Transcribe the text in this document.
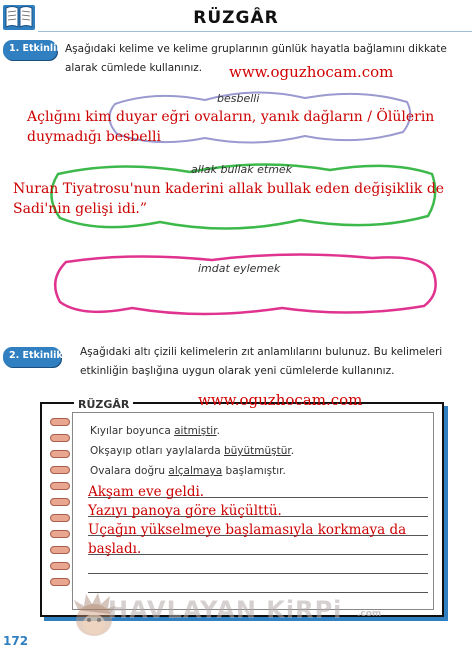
RÜZGÂR
1. Etkinlik Aşağıdaki kelime ve kelime gruplarının günlük hayatla bağlamını dikkate alarak cümlede kullanınız.	www.oguzhocam.com
besbelli
Açlığını kim duyar eğri ovaların, yanık dağların / Ölülerin duymadığı besbelli
allak bullak etmek
Nuran Tiyatrosu'nun kaderini allak bullak eden değişiklik de Sadi'nin gelişi idi.”
imdat eylemek
2. Etkinlik Aşağıdaki altı çizili kelimelerin zıt anlamlılarını bulunuz. Bu kelimeleri etkinliğin başlığına uygun olarak yeni cümlelerde kullanınız.
RÜZGÂR	www.oguzhocam.com
Kıyılar boyunca aitmiştir.
Okşayıp otları yaylalarda büyütmüştür.
Ovalara doğru alçalmaya başlamıştır.
Akşam eve geldi.
Yazıyı panoya göre küçülttü.
Uçağın yükselmeye başlamasıyla korkmaya da başladı.
HAVLAYAN KiRPi .com
172
